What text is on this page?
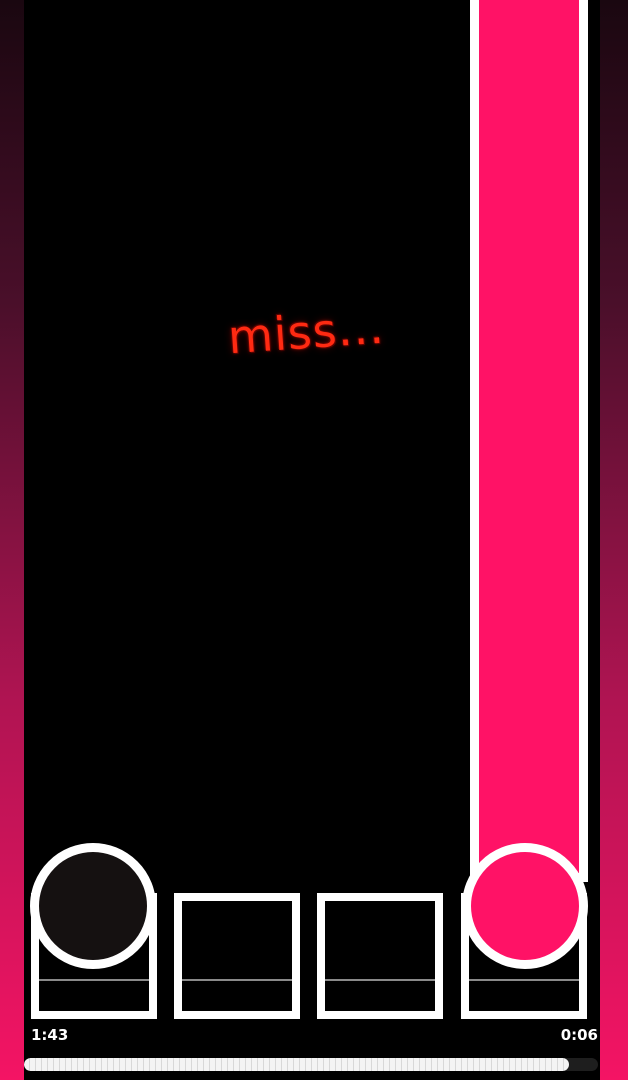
miss...
1:43	0:06
